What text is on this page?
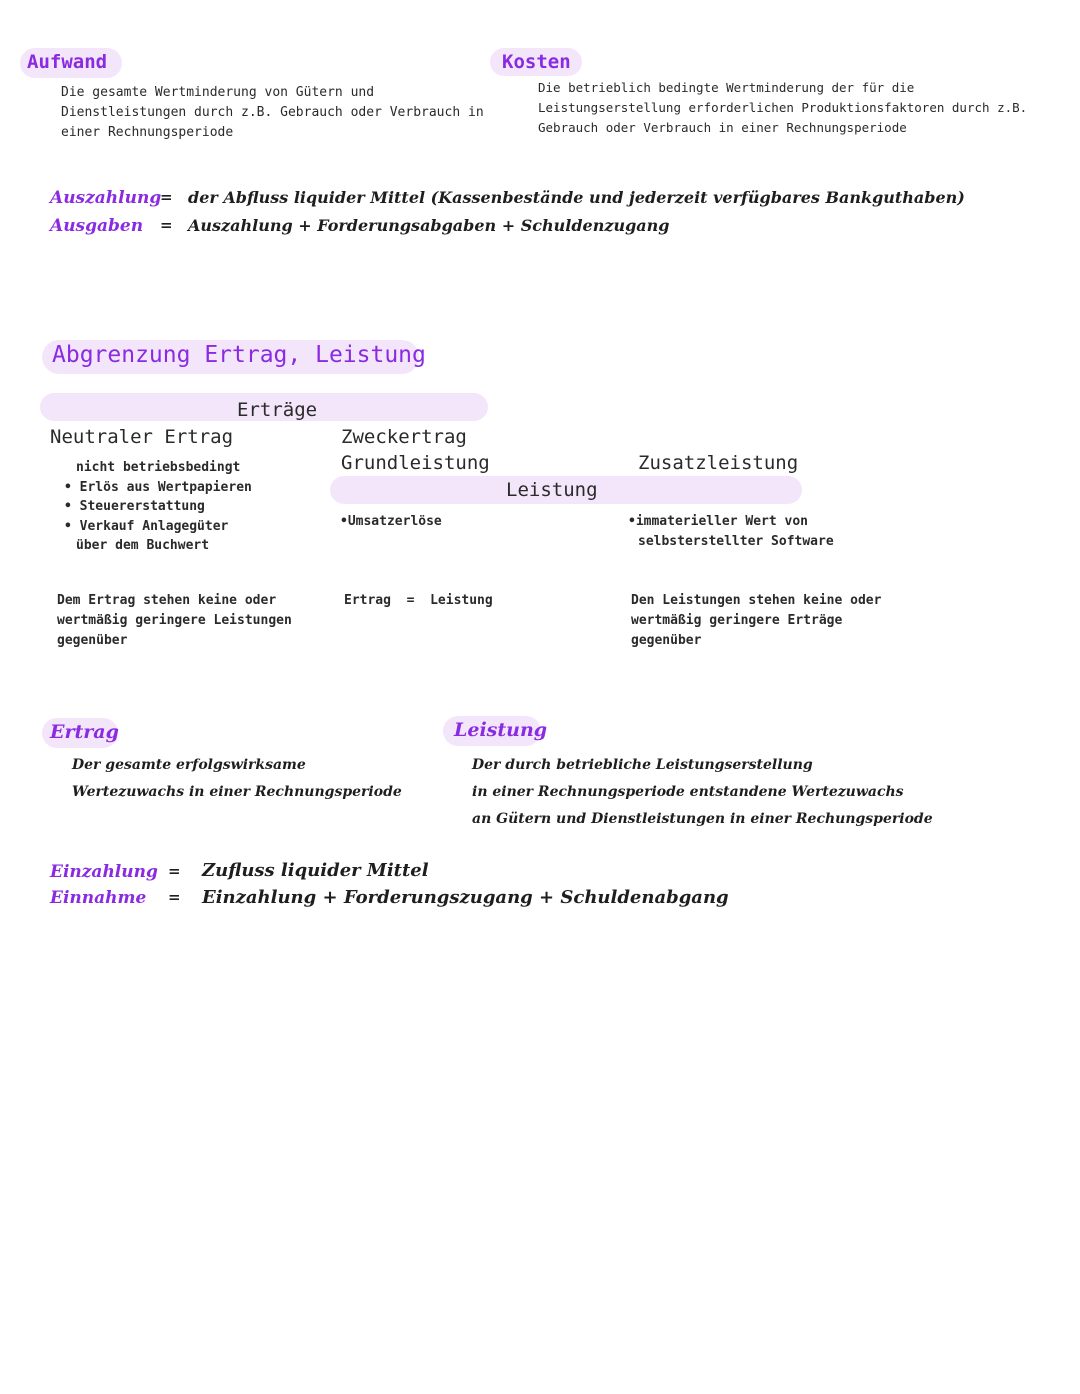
Aufwand
Die gesamte Wertminderung von Gütern und
Dienstleistungen durch z.B. Gebrauch oder Verbrauch in
einer Rechnungsperiode
Kosten
Die betrieblich bedingte Wertminderung der für die
Leistungserstellung erforderlichen Produktionsfaktoren durch z.B.
Gebrauch oder Verbrauch in einer Rechnungsperiode
Auszahlung
= der Abfluss liquider Mittel (Kassenbestände und jederzeit verfügbares Bankguthaben)
Ausgaben = Auszahlung + Forderungsabgaben + Schuldenzugang
Abgrenzung Ertrag, Leistung
Erträge
Leistung
Neutraler Ertrag
nicht betriebsbedingt
• Erlös aus Wertpapieren
• Steuererstattung
• Verkauf Anlagegüter
über dem Buchwert
Dem Ertrag stehen keine oder
wertmäßig geringere Leistungen
gegenüber
Zweckertrag
Grundleistung
•Umsatzerlöse
Ertrag  =  Leistung
Zusatzleistung
•immaterieller Wert von
selbsterstellter Software
Den Leistungen stehen keine oder
wertmäßig geringere Erträge
gegenüber
Ertrag
Der gesamte erfolgswirksame
Wertezuwachs in einer Rechnungsperiode
Leistung
Der durch betriebliche Leistungserstellung
in einer Rechnungsperiode entstandene Wertezuwachs
an Gütern und Dienstleistungen in einer Rechungsperiode
Einzahlung = Zufluss liquider Mittel
Einnahme = Einzahlung + Forderungszugang + Schuldenabgang
